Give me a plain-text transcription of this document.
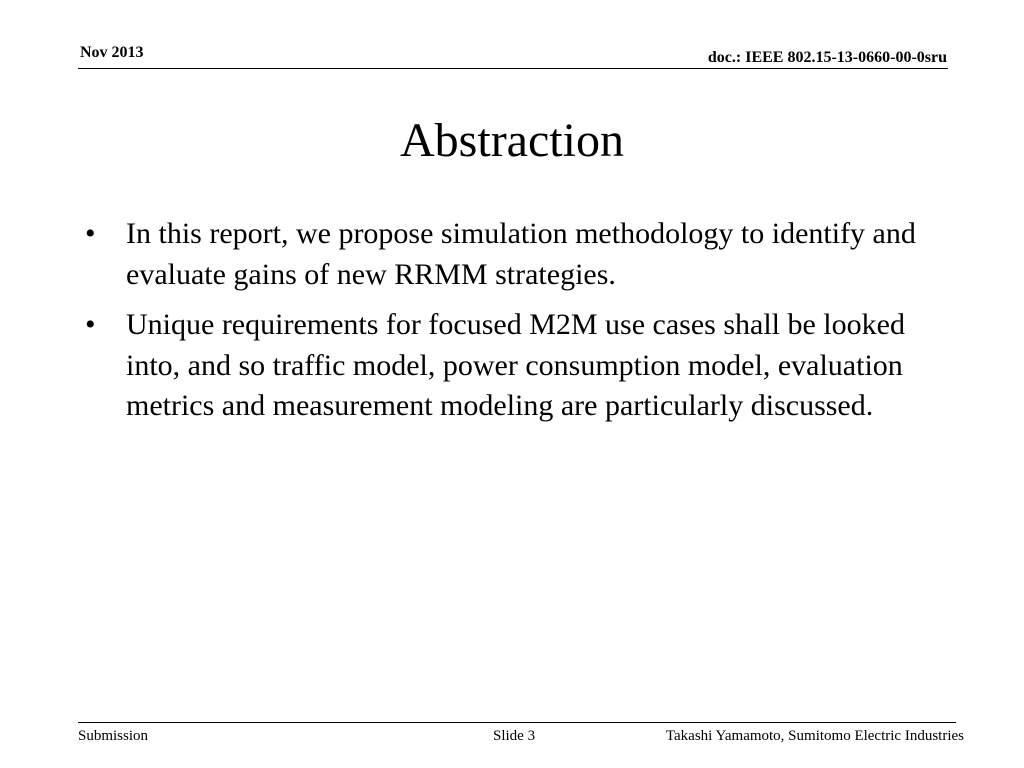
Nov 2013	doc.: IEEE 802.15-13-0660-00-0sru
Abstraction
•	In this report, we propose simulation methodology to identify and evaluate gains of new RRMM strategies.
•	Unique requirements for focused M2M use cases shall be looked into, and so traffic model, power consumption model, evaluation metrics and measurement modeling are particularly discussed.
Submission	Slide 3	Takashi Yamamoto, Sumitomo Electric Industries
